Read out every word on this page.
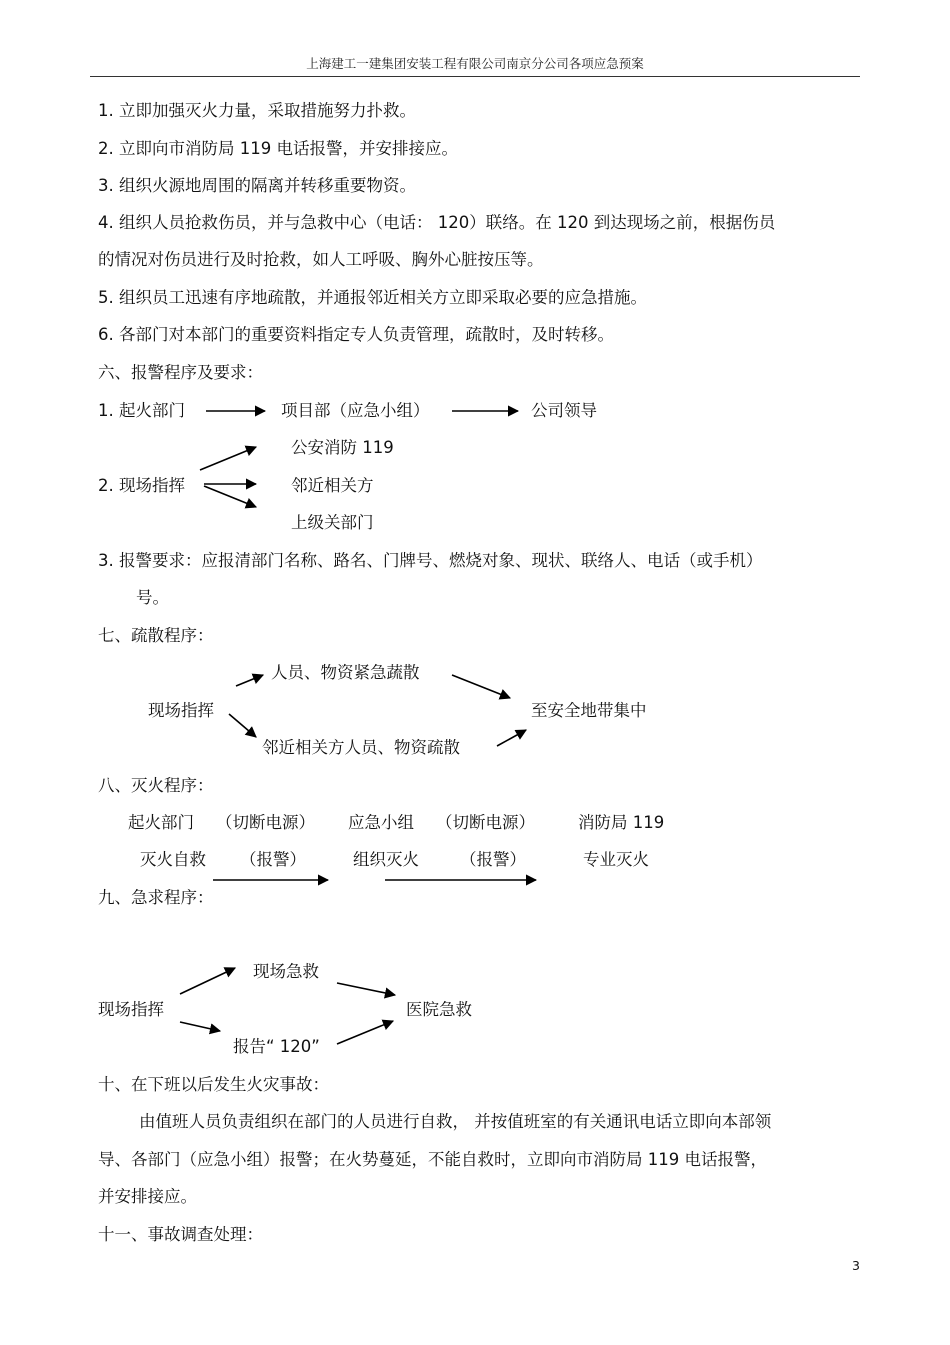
上海建工一建集团安装工程有限公司南京分公司各项应急预案
1. 立即加强灭火力量，采取措施努力扑救。
2. 立即向市消防局 119 电话报警，并安排接应。
3. 组织火源地周围的隔离并转移重要物资。
4. 组织人员抢救伤员，并与急救中心（电话： 120）联络。在 120 到达现场之前，根据伤员
的情况对伤员进行及时抢救，如人工呼吸、胸外心脏按压等。
5. 组织员工迅速有序地疏散，并通报邻近相关方立即采取必要的应急措施。
6. 各部门对本部门的重要资料指定专人负责管理，疏散时，及时转移。
六、报警程序及要求：
1. 起火部门	项目部（应急小组）	公司领导
公安消防 119
2. 现场指挥	邻近相关方
上级关部门
3. 报警要求：应报清部门名称、路名、门牌号、燃烧对象、现状、联络人、电话（或手机）
号。
七、疏散程序：
人员、物资紧急蔬散
现场指挥	至安全地带集中
邻近相关方人员、物资疏散
八、灭火程序：
起火部门 （切断电源） 应急小组 （切断电源）	消防局 119
灭火自救 （报警）	组织灭火 （报警）	专业灭火
九、急求程序：
现场急救
现场指挥	医院急救
报告“ 120”
十、在下班以后发生火灾事故：
由值班人员负责组织在部门的人员进行自救， 并按值班室的有关通讯电话立即向本部领
导、各部门（应急小组）报警；在火势蔓延，不能自救时，立即向市消防局 119 电话报警，
并安排接应。
十一、事故调查处理：
3
